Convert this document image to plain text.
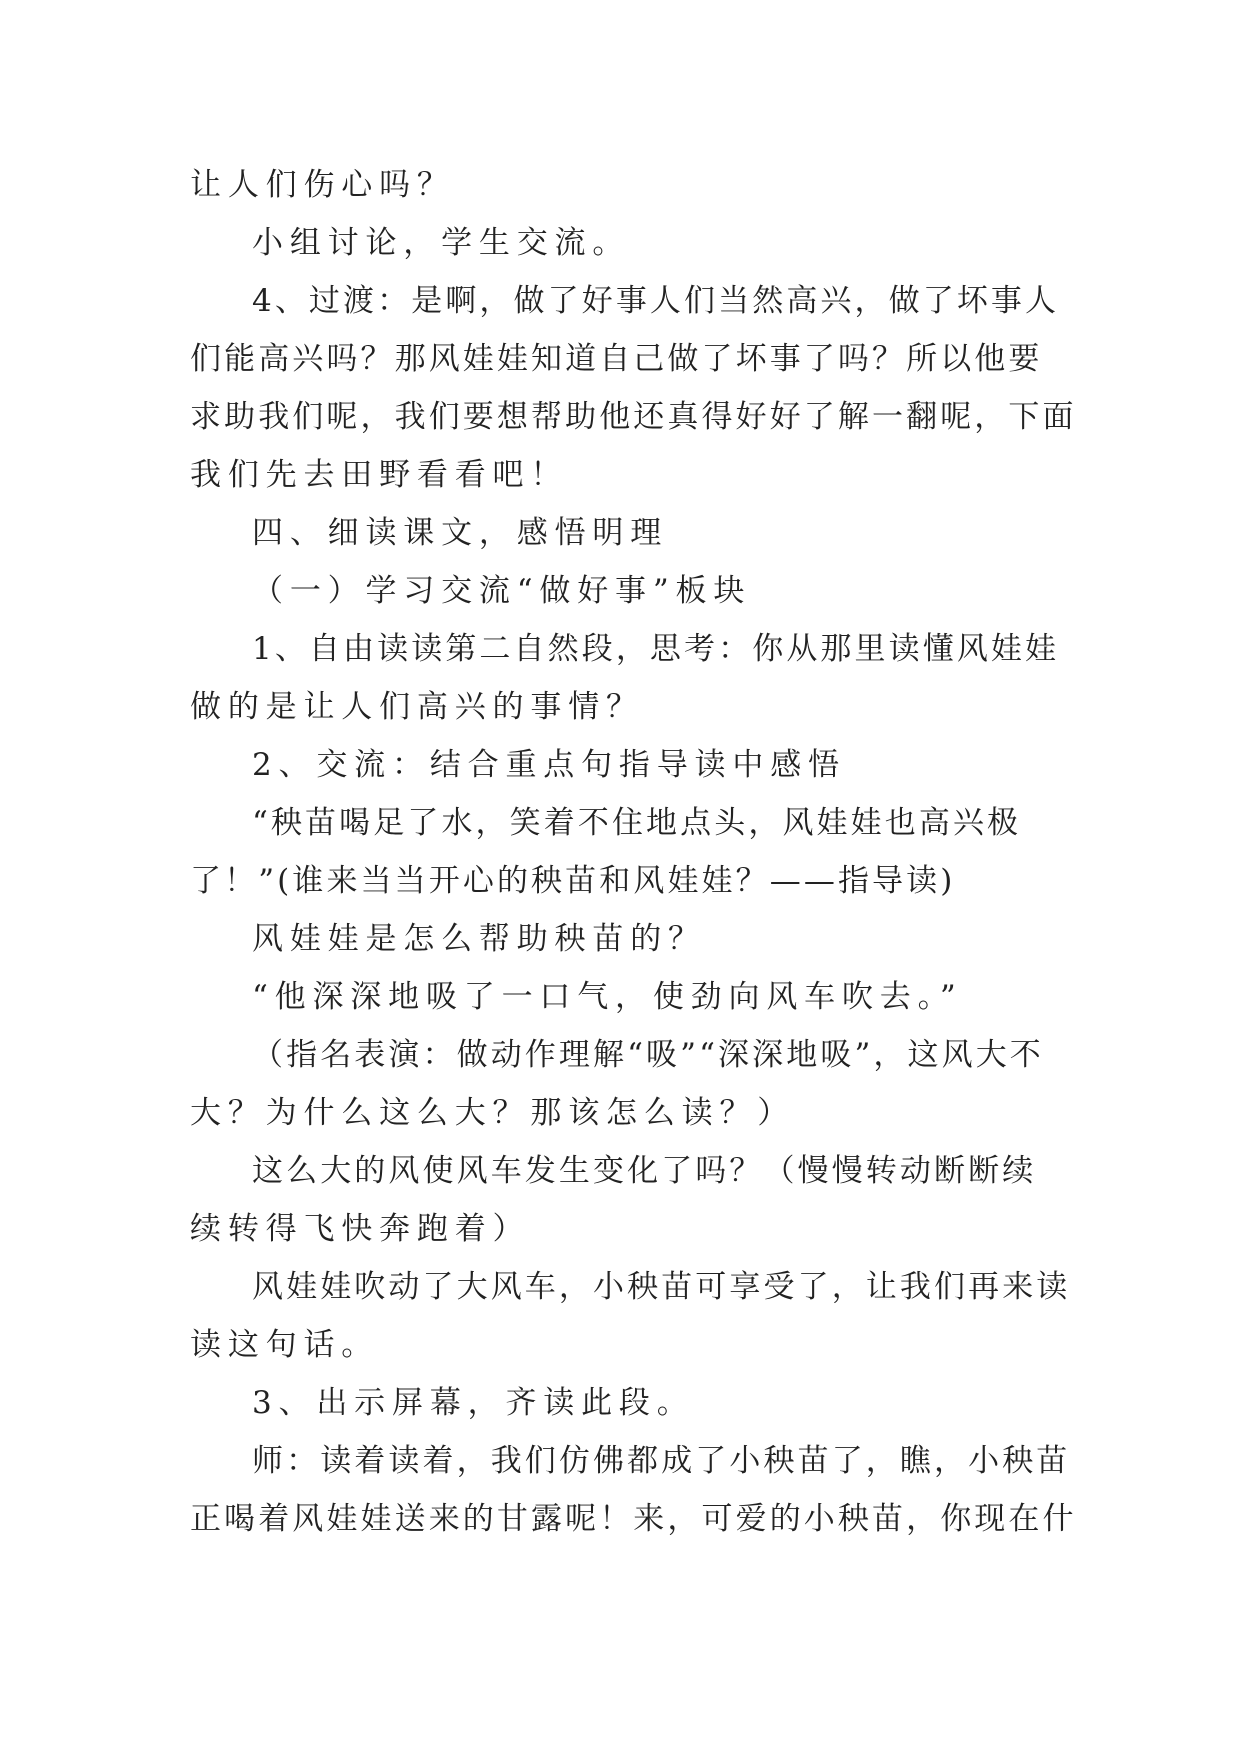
让人们伤心吗？
小组讨论，学生交流。
4、过渡：是啊，做了好事人们当然高兴，做了坏事人
们能高兴吗？那风娃娃知道自己做了坏事了吗？所以他要
求助我们呢，我们要想帮助他还真得好好了解一翻呢，下面
我们先去田野看看吧！
四、细读课文，感悟明理
（一）学习交流“做好事”板块
1、自由读读第二自然段，思考：你从那里读懂风娃娃
做的是让人们高兴的事情？
2、交流：结合重点句指导读中感悟
“秧苗喝足了水，笑着不住地点头，风娃娃也高兴极
了！”(谁来当当开心的秧苗和风娃娃？——指导读)
风娃娃是怎么帮助秧苗的？
“他深深地吸了一口气，使劲向风车吹去。”
（指名表演：做动作理解“吸”“深深地吸”，这风大不
大？为什么这么大？那该怎么读？）
这么大的风使风车发生变化了吗？（慢慢转动断断续
续转得飞快奔跑着）
风娃娃吹动了大风车，小秧苗可享受了，让我们再来读
读这句话。
3、出示屏幕，齐读此段。
师：读着读着，我们仿佛都成了小秧苗了，瞧，小秧苗
正喝着风娃娃送来的甘露呢！来，可爱的小秧苗，你现在什
